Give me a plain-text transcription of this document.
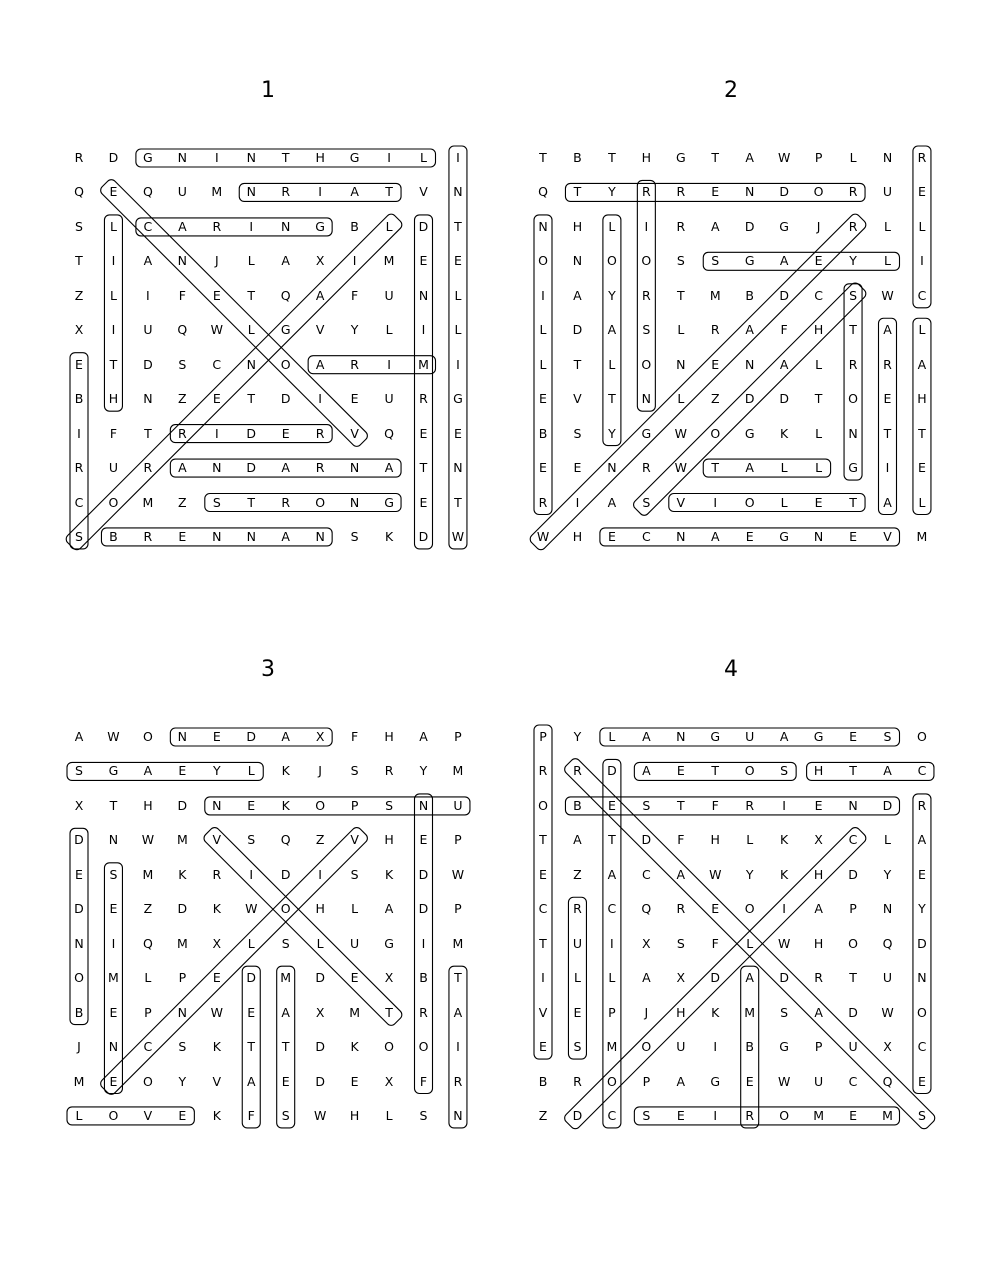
1
R	D	G	N	I	N	T	H	G	I	L	I
Q	E	Q	U	M	N	R	I	A	T	V	N
S	L	C	A	R	I	N	G	B	L	D	T
T	I	A	N	J	L	A	X	I	M	E	E
Z	L	I	F	E	T	Q	A	F	U	N	L
X	I	U	Q	W	L	G	V	Y	L	I	L
E	T	D	S	C	N	O	A	R	I	M	I
B	H	N	Z	E	T	D	I	E	U	R	G
I	F	T	R	I	D	E	R	V	Q	E	E
R	U	R	A	N	D	A	R	N	A	T	N
C	O	M	Z	S	T	R	O	N	G	E	T
S	B	R	E	N	N	A	N	S	K	D	W
2
T	B	T	H	G	T	A	W	P	L	N	R
Q	T	Y	R	R	E	N	D	O	R	U	E
N	H	L	I	R	A	D	G	J	R	L	L
O	N	O	O	S	S	G	A	E	Y	L	I
I	A	Y	R	T	M	B	D	C	S	W	C
L	D	A	S	L	R	A	F	H	T	A	L
L	T	L	O	N	E	N	A	L	R	R	A
E	V	T	N	L	Z	D	D	T	O	E	H
B	S	Y	G	W	O	G	K	L	N	T	T
E	E	N	R	W	T	A	L	L	G	I	E
R	I	A	S	V	I	O	L	E	T	A	L
W	H	E	C	N	A	E	G	N	E	V	M
3
A	W	O	N	E	D	A	X	F	H	A	P
S	G	A	E	Y	L	K	J	S	R	Y	M
X	T	H	D	N	E	K	O	P	S	N	U
D	N	W	M	V	S	Q	Z	V	H	E	P
E	S	M	K	R	I	D	I	S	K	D	W
D	E	Z	D	K	W	O	H	L	A	D	P
N	I	Q	M	X	L	S	L	U	G	I	M
O	M	L	P	E	D	M	D	E	X	B	T
B	E	P	N	W	E	A	X	M	T	R	A
J	N	C	S	K	T	T	D	K	O	O	I
M	E	O	Y	V	A	E	D	E	X	F	R
L	O	V	E	K	F	S	W	H	L	S	N
4
P	Y	L	A	N	G	U	A	G	E	S	O
R	R	D	A	E	T	O	S	H	T	A	C
O	B	E	S	T	F	R	I	E	N	D	R
T	A	T	D	F	H	L	K	X	C	L	A
E	Z	A	C	A	W	Y	K	H	D	Y	E
C	R	C	Q	R	E	O	I	A	P	N	Y
T	U	I	X	S	F	L	W	H	O	Q	D
I	L	L	A	X	D	A	D	R	T	U	N
V	E	P	J	H	K	M	S	A	D	W	O
E	S	M	O	U	I	B	G	P	U	X	C
B	R	O	P	A	G	E	W	U	C	Q	E
Z	D	C	S	E	I	R	O	M	E	M	S
